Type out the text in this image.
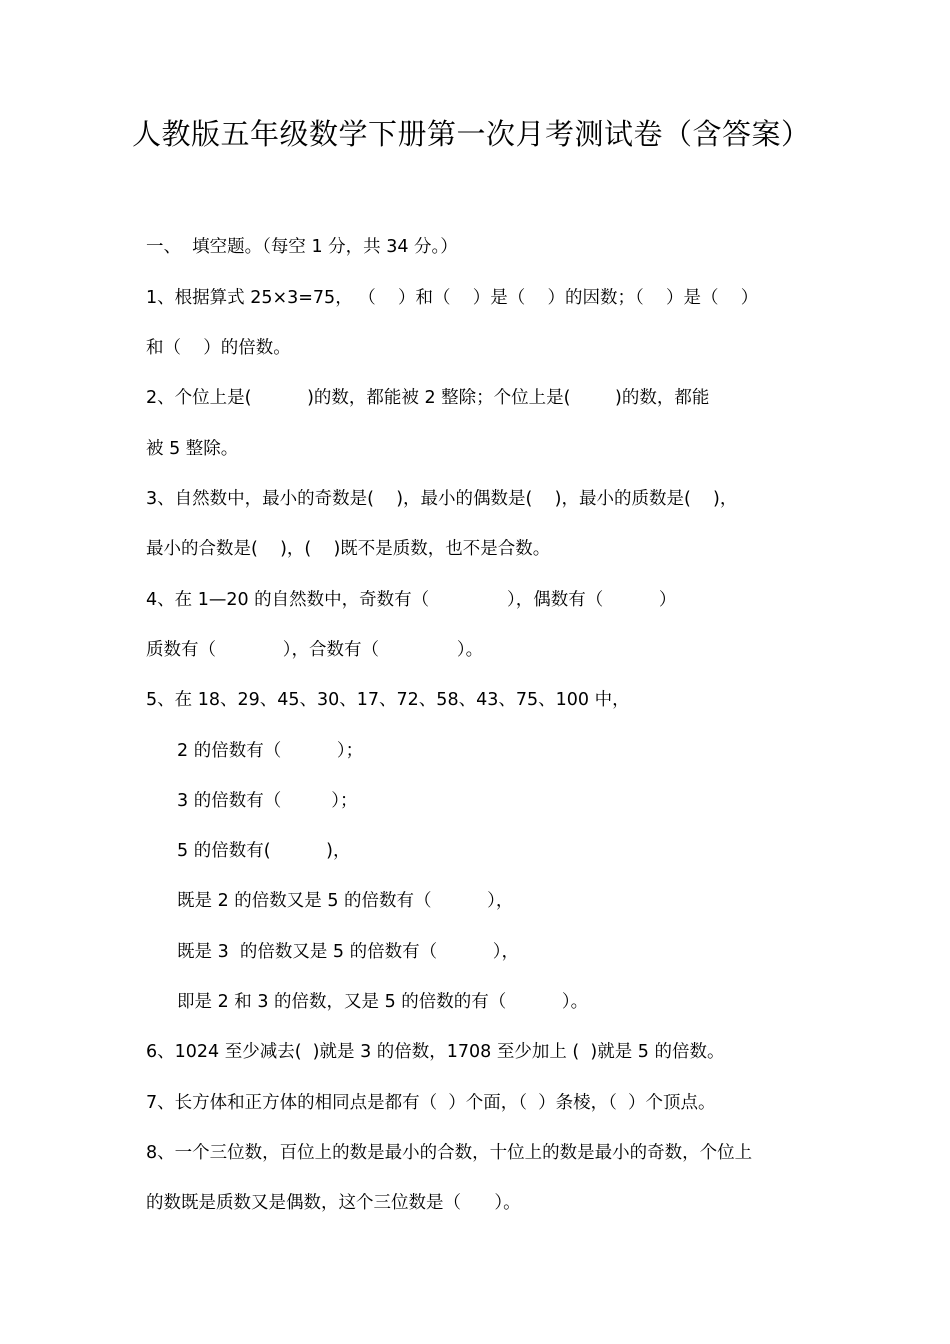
人教版五年级数学下册第一次月考测试卷（含答案）
一、  填空题。（每空 1 分，共 34 分。）
1、根据算式 25×3=75， （    ）和（    ）是（    ）的因数；（    ）是（    ）
和（    ）的倍数。
2、个位上是(          )的数，都能被 2 整除；个位上是(        )的数，都能
被 5 整除。
3、自然数中，最小的奇数是(    )，最小的偶数是(    )，最小的质数是(    )，
最小的合数是(    )，(    )既不是质数，也不是合数。
4、在 1—20 的自然数中，奇数有（              ），偶数有（          ）
质数有（            ），合数有（              ）。
5、在 18、29、45、30、17、72、58、43、75、100 中，
2 的倍数有（          ）；
3 的倍数有（         ）；
5 的倍数有(          )，
既是 2 的倍数又是 5 的倍数有（          ），
既是 3  的倍数又是 5 的倍数有（          ），
即是 2 和 3 的倍数，又是 5 的倍数的有（          ）。
6、1024 至少减去(  )就是 3 的倍数，1708 至少加上 (  )就是 5 的倍数。
7、长方体和正方体的相同点是都有（  ）个面，（  ）条棱，（  ）个顶点。
8、一个三位数，百位上的数是最小的合数，十位上的数是最小的奇数，个位上
的数既是质数又是偶数，这个三位数是（      ）。
